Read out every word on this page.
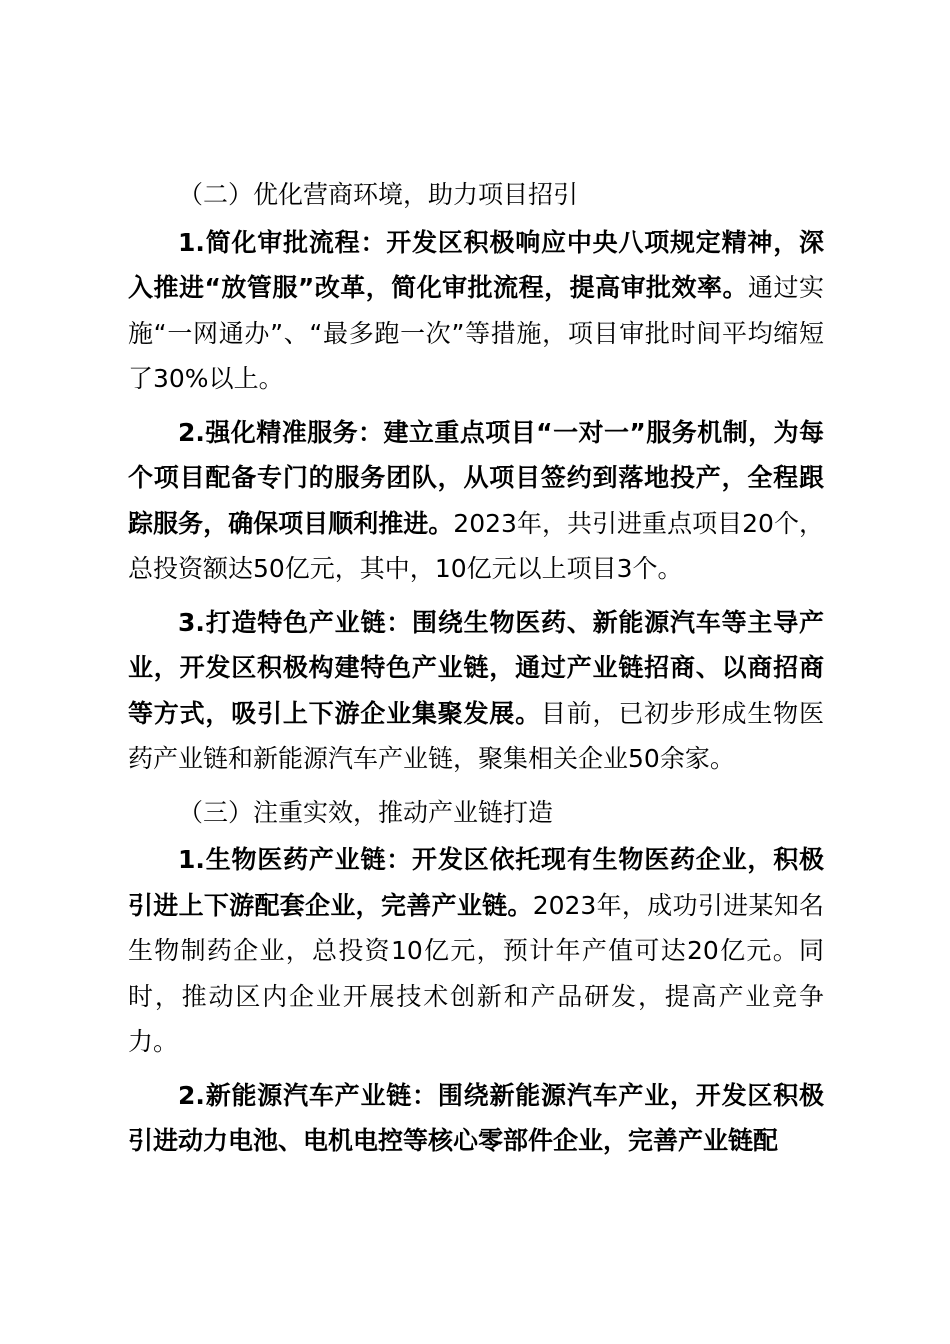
（二）优化营商环境，助力项目招引

1.简化审批流程：开发区积极响应中央八项规定精神，深入推进“放管服”改革，简化审批流程，提高审批效率。通过实施“一网通办”、“最多跑一次”等措施，项目审批时间平均缩短了30%以上。

2.强化精准服务：建立重点项目“一对一”服务机制，为每个项目配备专门的服务团队，从项目签约到落地投产，全程跟踪服务，确保项目顺利推进。2023年，共引进重点项目20个，总投资额达50亿元，其中，10亿元以上项目3个。

3.打造特色产业链：围绕生物医药、新能源汽车等主导产业，开发区积极构建特色产业链，通过产业链招商、以商招商等方式，吸引上下游企业集聚发展。目前，已初步形成生物医药产业链和新能源汽车产业链，聚集相关企业50余家。

（三）注重实效，推动产业链打造

1.生物医药产业链：开发区依托现有生物医药企业，积极引进上下游配套企业，完善产业链。2023年，成功引进某知名生物制药企业，总投资10亿元，预计年产值可达20亿元。同时，推动区内企业开展技术创新和产品研发，提高产业竞争力。

2.新能源汽车产业链：围绕新能源汽车产业，开发区积极引进动力电池、电机电控等核心零部件企业，完善产业链配
